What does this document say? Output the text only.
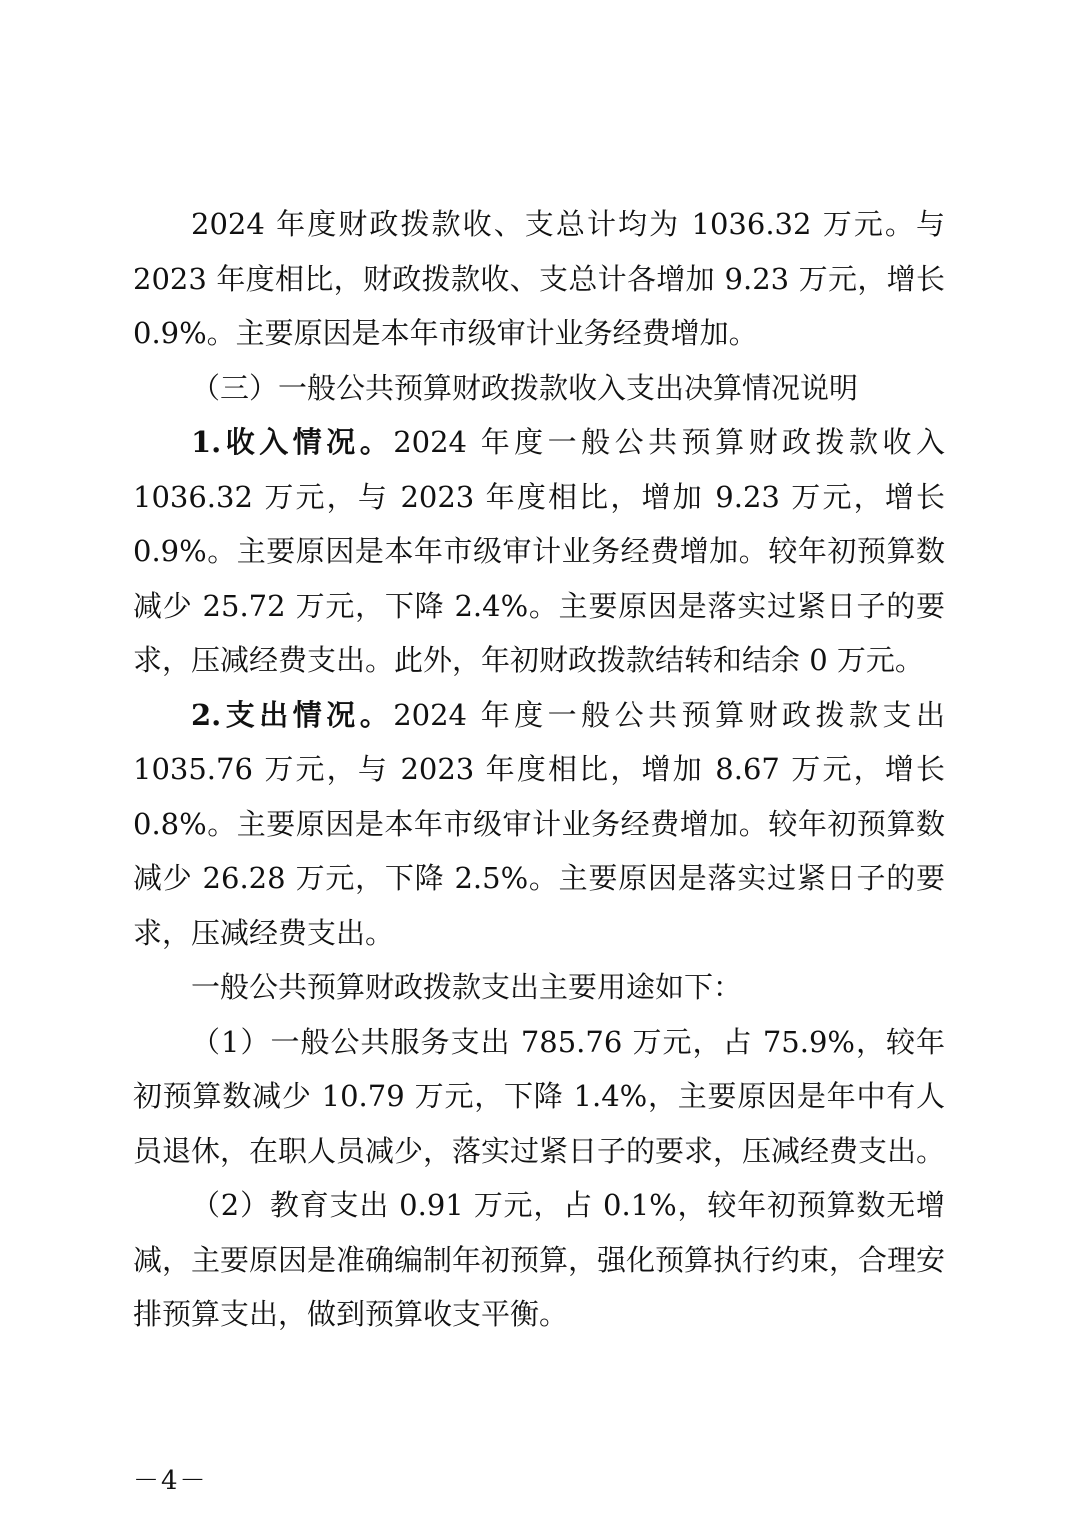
2024 年度财政拨款收、支总计均为 1036.32 万元。与 2023 年度相比，财政拨款收、支总计各增加 9.23 万元，增长 0.9%。主要原因是本年市级审计业务经费增加。

（三）一般公共预算财政拨款收入支出决算情况说明

1.收入情况。2024 年度一般公共预算财政拨款收入 1036.32 万元，与 2023 年度相比，增加 9.23 万元，增长 0.9%。主要原因是本年市级审计业务经费增加。较年初预算数减少 25.72 万元，下降 2.4%。主要原因是落实过紧日子的要求，压减经费支出。此外，年初财政拨款结转和结余 0 万元。

2.支出情况。2024 年度一般公共预算财政拨款支出 1035.76 万元，与 2023 年度相比，增加 8.67 万元，增长 0.8%。主要原因是本年市级审计业务经费增加。较年初预算数减少 26.28 万元，下降 2.5%。主要原因是落实过紧日子的要求，压减经费支出。

一般公共预算财政拨款支出主要用途如下：

（1）一般公共服务支出 785.76 万元，占 75.9%，较年初预算数减少 10.79 万元，下降 1.4%，主要原因是年中有人员退休，在职人员减少，落实过紧日子的要求，压减经费支出。

（2）教育支出 0.91 万元，占 0.1%，较年初预算数无增减，主要原因是准确编制年初预算，强化预算执行约束，合理安排预算支出，做到预算收支平衡。

－4－
